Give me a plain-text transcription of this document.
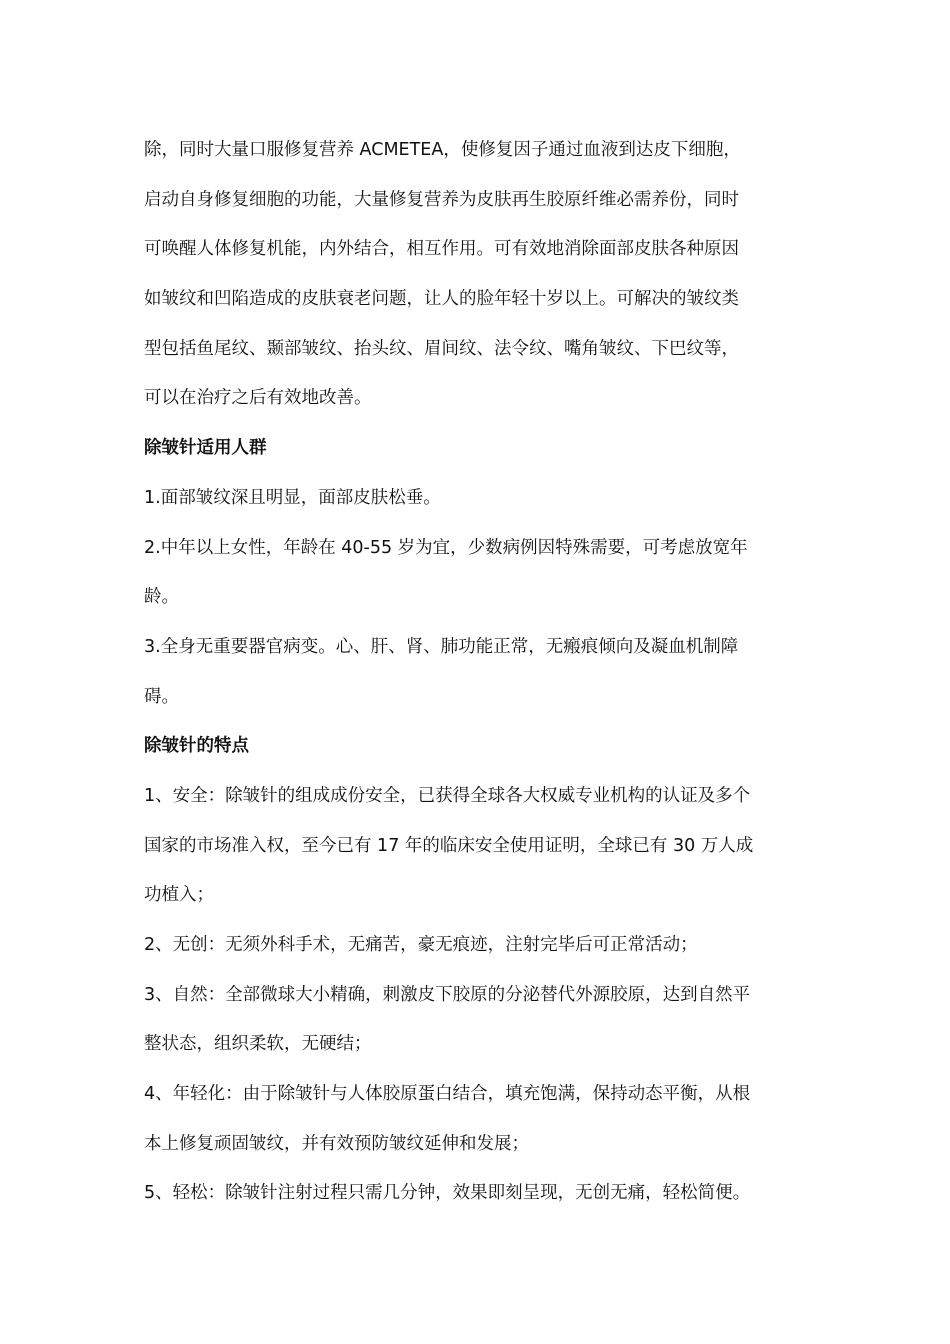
除，同时大量口服修复营养 ACMETEA，使修复因子通过血液到达皮下细胞，
启动自身修复细胞的功能，大量修复营养为皮肤再生胶原纤维必需养份，同时
可唤醒人体修复机能，内外结合，相互作用。可有效地消除面部皮肤各种原因
如皱纹和凹陷造成的皮肤衰老问题，让人的脸年轻十岁以上。可解决的皱纹类
型包括鱼尾纹、颞部皱纹、抬头纹、眉间纹、法令纹、嘴角皱纹、下巴纹等，
可以在治疗之后有效地改善。
除皱针适用人群
1.面部皱纹深且明显，面部皮肤松垂。
2.中年以上女性，年龄在 40-55 岁为宜，少数病例因特殊需要，可考虑放宽年
龄。
3.全身无重要器官病变。心、肝、肾、肺功能正常，无瘢痕倾向及凝血机制障
碍。
除皱针的特点
1、安全：除皱针的组成成份安全，已获得全球各大权威专业机构的认证及多个
国家的市场准入权，至今已有 17 年的临床安全使用证明，全球已有 30 万人成
功植入；
2、无创：无须外科手术，无痛苦，豪无痕迹，注射完毕后可正常活动；
3、自然：全部微球大小精确，刺激皮下胶原的分泌替代外源胶原，达到自然平
整状态，组织柔软，无硬结；
4、年轻化：由于除皱针与人体胶原蛋白结合，填充饱满，保持动态平衡，从根
本上修复顽固皱纹，并有效预防皱纹延伸和发展；
5、轻松：除皱针注射过程只需几分钟，效果即刻呈现，无创无痛，轻松简便。
